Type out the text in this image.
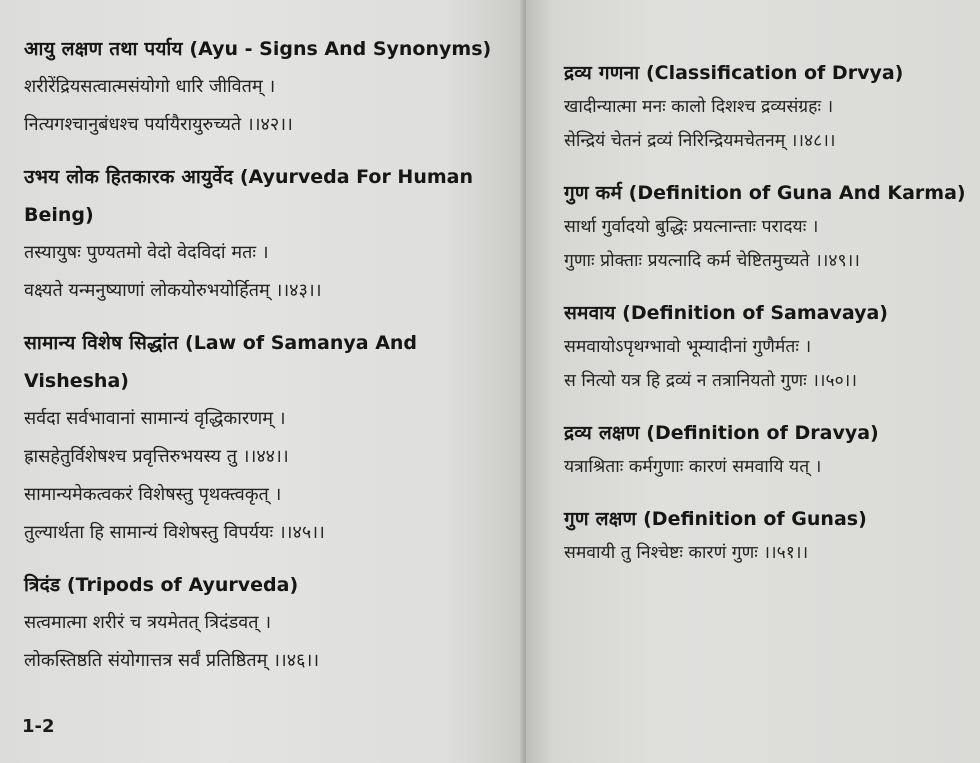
आयु लक्षण तथा पर्याय (Ayu - Signs And Synonyms)

शरीरेंद्रियसत्वात्मसंयोगो धारि जीवितम् ।

नित्यगश्चानुबंधश्च पर्यायैरायुरुच्यते ।।४२।।

उभय लोक हितकारक आयुर्वेद (Ayurveda For Human Being)

तस्यायुषः पुण्यतमो वेदो वेदविदां मतः ।

वक्ष्यते यन्मनुष्याणां लोकयोरुभयोर्हितम् ।।४३।।

सामान्य विशेष सिद्धांत (Law of Samanya And Vishesha)

सर्वदा सर्वभावानां सामान्यं वृद्धिकारणम् ।

ह्रासहेतुर्विशेषश्च प्रवृत्तिरुभयस्य तु ।।४४।।

सामान्यमेकत्वकरं विशेषस्तु पृथक्त्वकृत् ।

तुल्यार्थता हि सामान्यं विशेषस्तु विपर्ययः ।।४५।।

त्रिदंड (Tripods of Ayurveda)

सत्वमात्मा शरीरं च त्रयमेतत् त्रिदंडवत् ।

लोकस्तिष्ठति संयोगात्तत्र सर्वं प्रतिष्ठितम् ।।४६।।

1-2

द्रव्य गणना (Classification of Drvya)

खादीन्यात्मा मनः कालो दिशश्च द्रव्यसंग्रहः ।

सेन्द्रियं चेतनं द्रव्यं निरिन्द्रियमचेतनम् ।।४८।।

गुण कर्म (Definition of Guna And Karma)

सार्था गुर्वादयो बुद्धिः प्रयत्नान्ताः परादयः ।

गुणाः प्रोक्ताः प्रयत्नादि कर्म चेष्टितमुच्यते ।।४९।।

समवाय (Definition of Samavaya)

समवायोऽपृथग्भावो भूम्यादीनां गुणैर्मतः ।

स नित्यो यत्र हि द्रव्यं न तत्रानियतो गुणः ।।५०।।

द्रव्य लक्षण (Definition of Dravya)

यत्राश्रिताः कर्मगुणाः कारणं समवायि यत् ।

गुण लक्षण (Definition of Gunas)

समवायी तु निश्चेष्टः कारणं गुणः ।।५१।।
